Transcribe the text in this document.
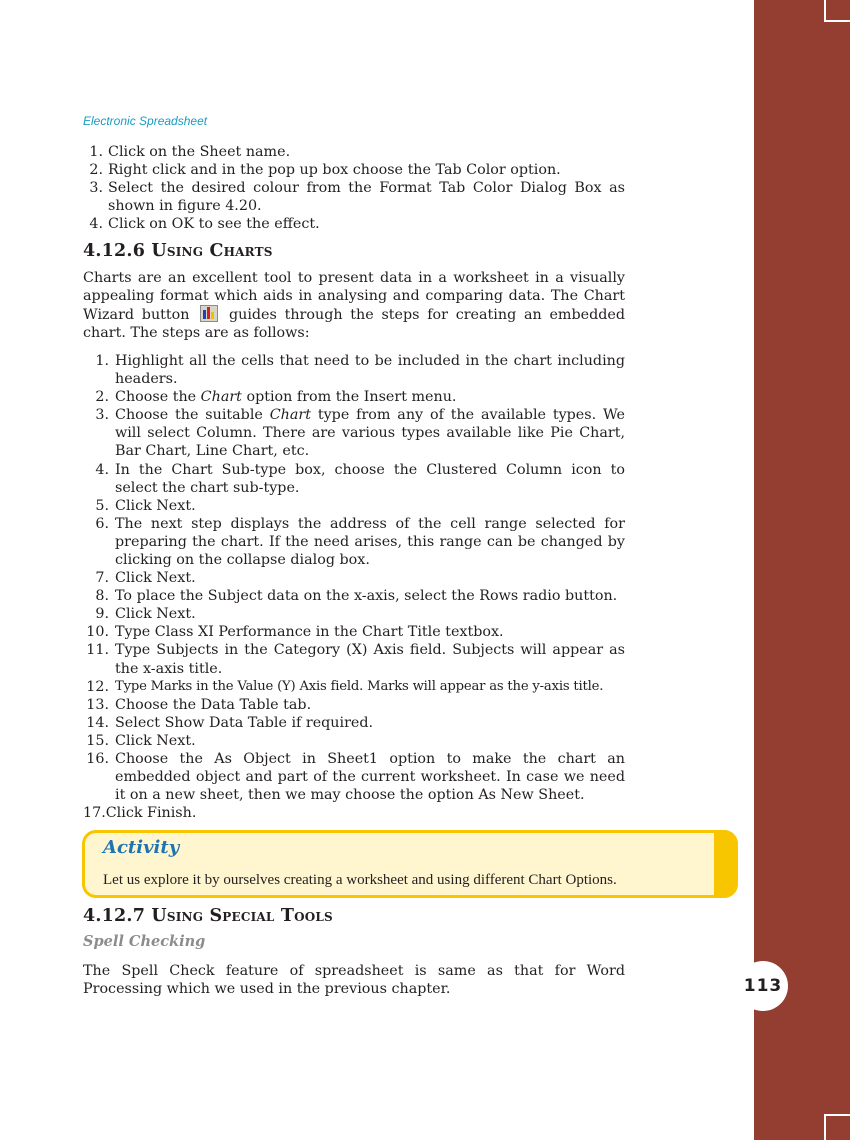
113
Electronic Spreadsheet
1. Click on the Sheet name.
2. Right click and in the pop up box choose the Tab Color option.
3. Select the desired colour from the Format Tab Color Dialog Box as shown in figure 4.20.
4. Click on OK to see the effect.
4.12.6 Using Charts

Charts are an excellent tool to present data in a worksheet in a visually appealing format which aids in analysing and comparing data. The Chart Wizard button	guides through the steps for creating an embedded chart. The steps are as follows:

1. Highlight all the cells that need to be included in the chart including headers.
2. Choose the Chart option from the Insert menu.
3. Choose the suitable Chart type from any of the available types. We will select Column. There are various types available like Pie Chart, Bar Chart, Line Chart, etc.
4. In the Chart Sub-type box, choose the Clustered Column icon to select the chart sub-type.
5. Click Next.
6. The next step displays the address of the cell range selected for preparing the chart. If the need arises, this range can be changed by clicking on the collapse dialog box.
7. Click Next.
8. To place the Subject data on the x-axis, select the Rows radio button.
9. Click Next.
10. Type Class XI Performance in the Chart Title textbox.
11. Type Subjects in the Category (X) Axis field. Subjects will appear as the x-axis title.
12. Type Marks in the Value (Y) Axis field. Marks will appear as the y-axis title.
13. Choose the Data Table tab.
14. Select Show Data Table if required.
15. Click Next.
16. Choose the As Object in Sheet1 option to make the chart an embedded object and part of the current worksheet. In case we need it on a new sheet, then we may choose the option As New Sheet.

17.Click Finish.

Activity

Let us explore it by ourselves creating a worksheet and using different Chart Options.

4.12.7 Using Special Tools
Spell Checking

The Spell Check feature of spreadsheet is same as that for Word Processing which we used in the previous chapter.
